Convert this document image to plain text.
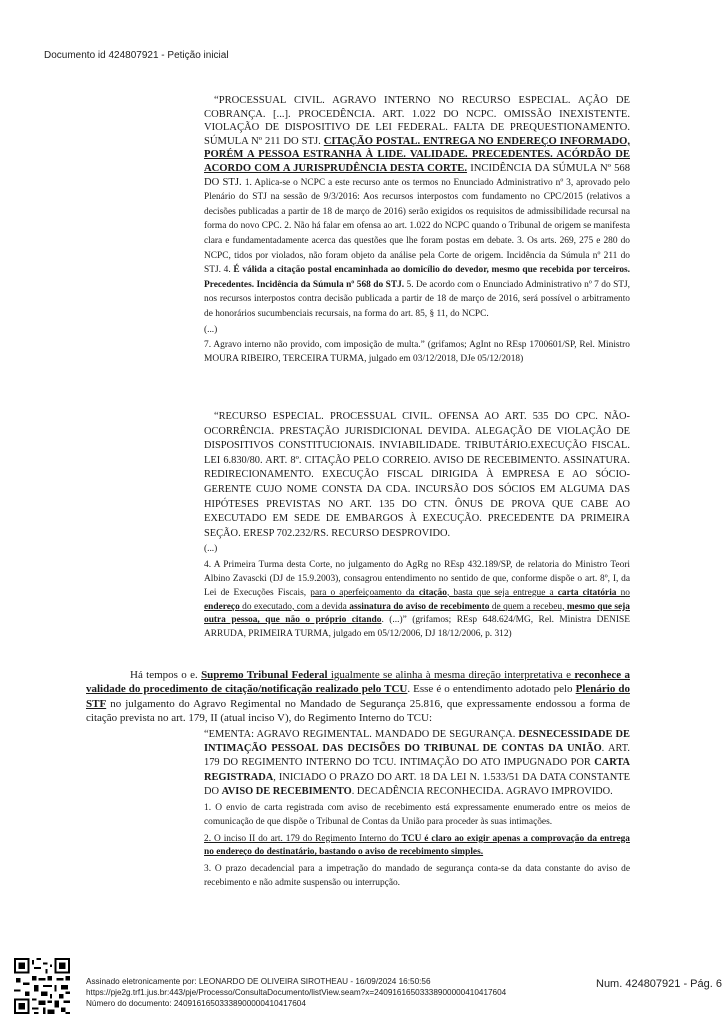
Documento id 424807921 - Petição inicial
“PROCESSUAL CIVIL. AGRAVO INTERNO NO RECURSO ESPECIAL. AÇÃO DE COBRANÇA. [...]. PROCEDÊNCIA. ART. 1.022 DO NCPC. OMISSÃO INEXISTENTE. VIOLAÇÃO DE DISPOSITIVO DE LEI FEDERAL. FALTA DE PREQUESTIONAMENTO. SÚMULA Nº 211 DO STJ. CITAÇÃO POSTAL. ENTREGA NO ENDEREÇO INFORMADO, PORÉM A PESSOA ESTRANHA À LIDE. VALIDADE. PRECEDENTES. ACÓRDÃO DE ACORDO COM A JURISPRUDÊNCIA DESTA CORTE. INCIDÊNCIA DA SÚMULA Nº 568 DO STJ. 1. Aplica-se o NCPC a este recurso ante os termos no Enunciado Administrativo nº 3, aprovado pelo Plenário do STJ na sessão de 9/3/2016: Aos recursos interpostos com fundamento no CPC/2015 (relativos a decisões publicadas a partir de 18 de março de 2016) serão exigidos os requisitos de admissibilidade recursal na forma do novo CPC. 2. Não há falar em ofensa ao art. 1.022 do NCPC quando o Tribunal de origem se manifesta clara e fundamentadamente acerca das questões que lhe foram postas em debate. 3. Os arts. 269, 275 e 280 do NCPC, tidos por violados, não foram objeto da análise pela Corte de origem. Incidência da Súmula nº 211 do STJ. 4. É válida a citação postal encaminhada ao domicílio do devedor, mesmo que recebida por terceiros. Precedentes. Incidência da Súmula nº 568 do STJ. 5. De acordo com o Enunciado Administrativo nº 7 do STJ, nos recursos interpostos contra decisão publicada a partir de 18 de março de 2016, será possível o arbitramento de honorários sucumbenciais recursais, na forma do art. 85, § 11, do NCPC.
(...)
7. Agravo interno não provido, com imposição de multa.” (grifamos; AgInt no REsp 1700601/SP, Rel. Ministro MOURA RIBEIRO, TERCEIRA TURMA, julgado em 03/12/2018, DJe 05/12/2018)
“RECURSO ESPECIAL. PROCESSUAL CIVIL. OFENSA AO ART. 535 DO CPC. NÃO-OCORRÊNCIA. PRESTAÇÃO JURISDICIONAL DEVIDA. ALEGAÇÃO DE VIOLAÇÃO DE DISPOSITIVOS CONSTITUCIONAIS. INVIABILIDADE. TRIBUTÁRIO.EXECUÇÃO FISCAL. LEI 6.830/80. ART. 8º. CITAÇÃO PELO CORREIO. AVISO DE RECEBIMENTO. ASSINATURA. REDIRECIONAMENTO. EXECUÇÃO FISCAL DIRIGIDA À EMPRESA E AO SÓCIO-GERENTE CUJO NOME CONSTA DA CDA. INCURSÃO DOS SÓCIOS EM ALGUMA DAS HIPÓTESES PREVISTAS NO ART. 135 DO CTN. ÔNUS DE PROVA QUE CABE AO EXECUTADO EM SEDE DE EMBARGOS À EXECUÇÃO. PRECEDENTE DA PRIMEIRA SEÇÃO. ERESP 702.232/RS. RECURSO DESPROVIDO.
(...)
4. A Primeira Turma desta Corte, no julgamento do AgRg no REsp 432.189/SP, de relatoria do Ministro Teori Albino Zavascki (DJ de 15.9.2003), consagrou entendimento no sentido de que, conforme dispõe o art. 8º, I, da Lei de Execuções Fiscais, para o aperfeiçoamento da citação, basta que seja entregue a carta citatória no endereço do executado, com a devida assinatura do aviso de recebimento de quem a recebeu, mesmo que seja outra pessoa, que não o próprio citando. (...)” (grifamos; REsp 648.624/MG, Rel. Ministra DENISE ARRUDA, PRIMEIRA TURMA, julgado em 05/12/2006, DJ 18/12/2006, p. 312)
Há tempos o e. Supremo Tribunal Federal igualmente se alinha à mesma direção interpretativa e reconhece a validade do procedimento de citação/notificação realizado pelo TCU. Esse é o entendimento adotado pelo Plenário do STF no julgamento do Agravo Regimental no Mandado de Segurança 25.816, que expressamente endossou a forma de citação prevista no art. 179, II (atual inciso V), do Regimento Interno do TCU:
“EMENTA: AGRAVO REGIMENTAL. MANDADO DE SEGURANÇA. DESNECESSIDADE DE INTIMAÇÃO PESSOAL DAS DECISÕES DO TRIBUNAL DE CONTAS DA UNIÃO. ART. 179 DO REGIMENTO INTERNO DO TCU. INTIMAÇÃO DO ATO IMPUGNADO POR CARTA REGISTRADA, INICIADO O PRAZO DO ART. 18 DA LEI N. 1.533/51 DA DATA CONSTANTE DO AVISO DE RECEBIMENTO. DECADÊNCIA RECONHECIDA. AGRAVO IMPROVIDO.
1. O envio de carta registrada com aviso de recebimento está expressamente enumerado entre os meios de comunicação de que dispõe o Tribunal de Contas da União para proceder às suas intimações.
2. O inciso II do art. 179 do Regimento Interno do TCU é claro ao exigir apenas a comprovação da entrega no endereço do destinatário, bastando o aviso de recebimento simples.
3. O prazo decadencial para a impetração do mandado de segurança conta-se da data constante do aviso de recebimento e não admite suspensão ou interrupção.
Assinado eletronicamente por: LEONARDO DE OLIVEIRA SIROTHEAU - 16/09/2024 16:50:56
https://pje2g.trf1.jus.br:443/pje/Processo/ConsultaDocumento/listView.seam?x=24091616503338900000410417604
Número do documento: 24091616503338900000410417604
Num. 424807921 - Pág. 6
